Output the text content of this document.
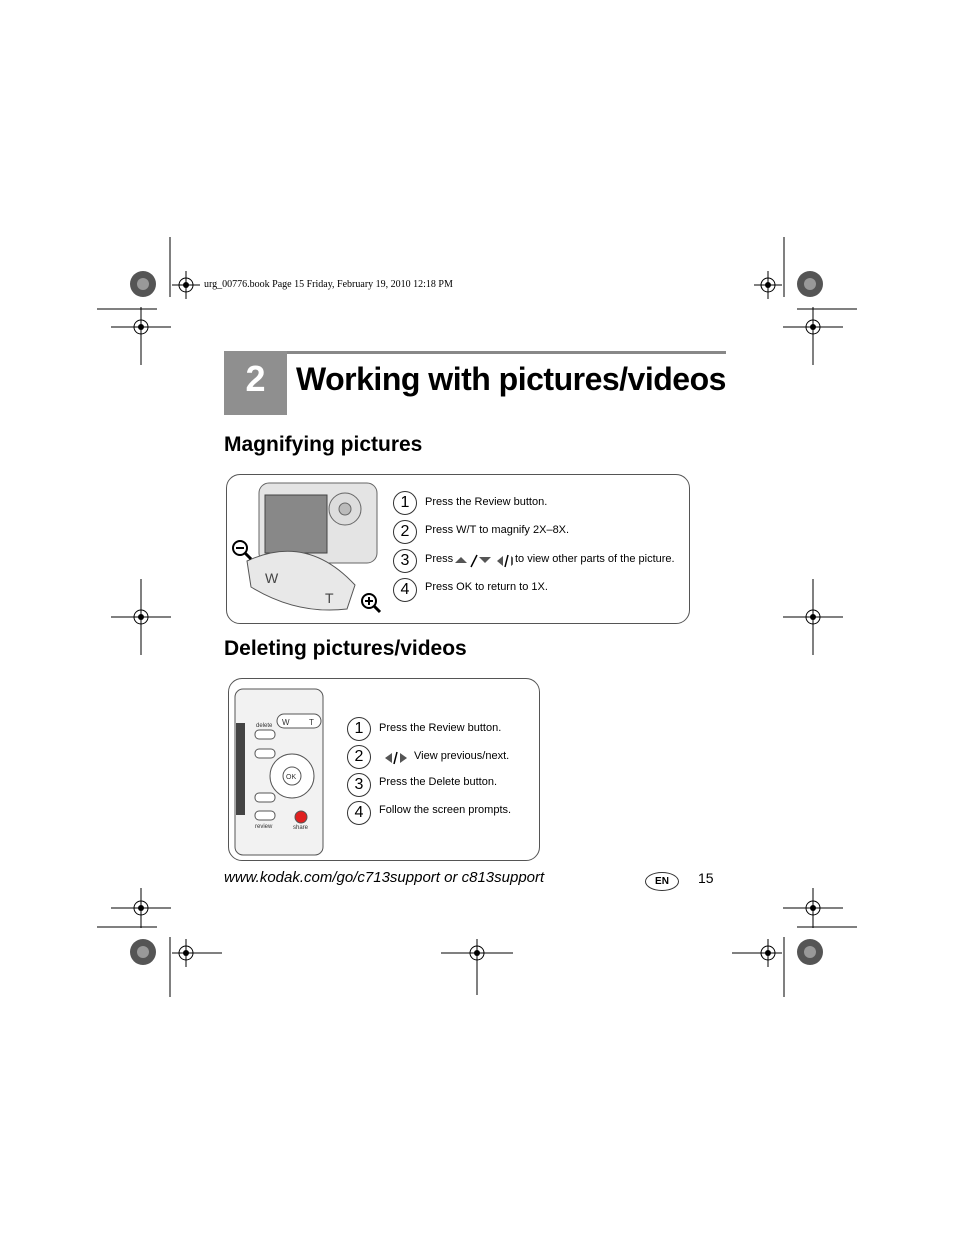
urg_00776.book Page 15 Friday, February 19, 2010 12:18 PM
2 Working with pictures/videos
Magnifying pictures
W
T
1	Press the Review button.
2	Press W/T to magnify 2X–8X.
3	Press	to view other parts of the picture.
4	Press OK to return to 1X.
Deleting pictures/videos
W T
delete
review
OK
share
1	Press the Review button.
2	View previous/next.
3	Press the Delete button.
4	Follow the screen prompts.
www.kodak.com/go/c713support or c813support	EN	15
